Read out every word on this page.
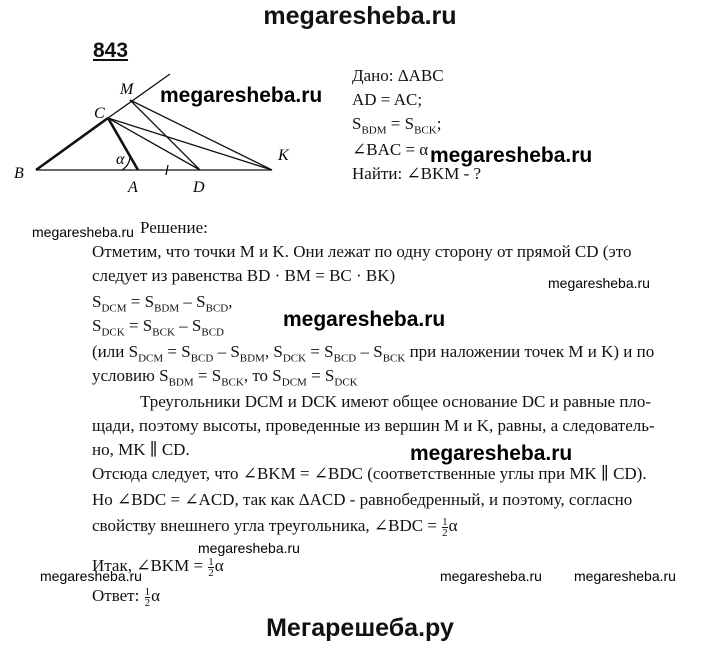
megaresheba.ru
843
B
C
M
A	D
K
α
Дано: ΔABC
AD = AC;
$S_{BDM} = S_{BCK}$;
∠BAC = α
Найти: ∠BKM - ?
Решение:
Отметим, что точки M и K. Они лежат по одну сторону от прямой CD (это
следует из равенства BD · BM = BC · BK)
$S_{DCM} = S_{BDM} - S_{BCD}$,
$S_{DCK} = S_{BCK} - S_{BCD}$
(или $S_{DCM} = S_{BCD} - S_{BDM}$, $S_{DCK} = S_{BCD} - S_{BCK}$ при наложении точек M и K) и по
условию $S_{BDM} = S_{BCK}$, то $S_{DCM} = S_{DCK}$
Треугольники DCM и DCK имеют общее основание DC и равные пло-
щади, поэтому высоты, проведенные из вершин M и K, равны, а следователь-
но, MK ∥ CD.
Отсюда следует, что ∠BKM = ∠BDC (соответственные углы при MK ∥ CD).
Но ∠BDC = ∠ACD, так как ΔACD - равнобедренный, и поэтому, согласно
свойству внешнего угла треугольника, ∠BDC = $\frac{1}{2}$ α
Итак, ∠BKM = $\frac{1}{2}$ α
Ответ: $\frac{1}{2}$ α
megaresheba.ru
megaresheba.ru
megaresheba.ru
megaresheba.ru
megaresheba.ru
megaresheba.ru
megaresheba.ru
megaresheba.ru	megaresheba.ru megaresheba.ru
Мегарешеба.ру
